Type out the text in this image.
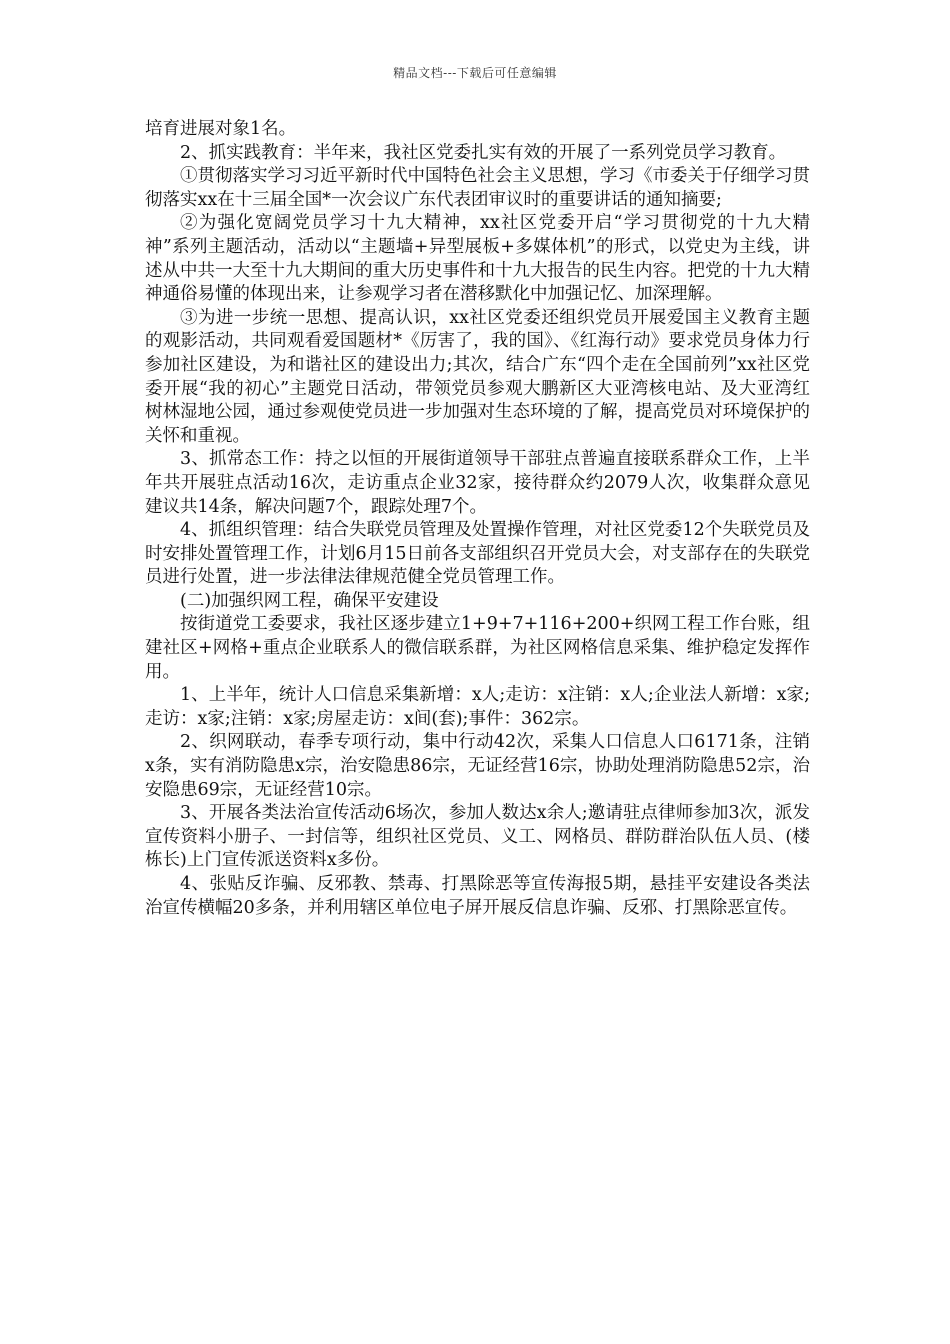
精品文档---下载后可任意编辑

培育进展对象1名。

2、抓实践教育：半年来，我社区党委扎实有效的开展了一系列党员学习教育。

①贯彻落实学习习近平新时代中国特色社会主义思想，学习《市委关于仔细学习贯彻落实xx在十三届全国*一次会议广东代表团审议时的重要讲话的通知摘要;

②为强化宽阔党员学习十九大精神，xx社区党委开启“学习贯彻党的十九大精神”系列主题活动，活动以“主题墙+异型展板+多媒体机”的形式，以党史为主线，讲述从中共一大至十九大期间的重大历史事件和十九大报告的民生内容。把党的十九大精神通俗易懂的体现出来，让参观学习者在潜移默化中加强记忆、加深理解。

③为进一步统一思想、提高认识，xx社区党委还组织党员开展爱国主义教育主题的观影活动，共同观看爱国题材*《厉害了，我的国》、《红海行动》要求党员身体力行参加社区建设，为和谐社区的建设出力;其次，结合广东“四个走在全国前列”xx社区党委开展“我的初心”主题党日活动，带领党员参观大鹏新区大亚湾核电站、及大亚湾红树林湿地公园，通过参观使党员进一步加强对生态环境的了解，提高党员对环境保护的关怀和重视。

3、抓常态工作：持之以恒的开展街道领导干部驻点普遍直接联系群众工作，上半年共开展驻点活动16次，走访重点企业32家，接待群众约2079人次，收集群众意见建议共14条，解决问题7个，跟踪处理7个。

4、抓组织管理：结合失联党员管理及处置操作管理，对社区党委12个失联党员及时安排处置管理工作，计划6月15日前各支部组织召开党员大会，对支部存在的失联党员进行处置，进一步法律法律规范健全党员管理工作。

(二)加强织网工程，确保平安建设

按街道党工委要求，我社区逐步建立1+9+7+116+200+织网工程工作台账，组建社区+网格+重点企业联系人的微信联系群，为社区网格信息采集、维护稳定发挥作用。

1、上半年，统计人口信息采集新增：x人;走访：x注销：x人;企业法人新增：x家;走访：x家;注销：x家;房屋走访：x间(套);事件：362宗。

2、织网联动，春季专项行动，集中行动42次，采集人口信息人口6171条，注销x条，实有消防隐患x宗，治安隐患86宗，无证经营16宗，协助处理消防隐患52宗，治安隐患69宗，无证经营10宗。

3、开展各类法治宣传活动6场次，参加人数达x余人;邀请驻点律师参加3次，派发宣传资料小册子、一封信等，组织社区党员、义工、网格员、群防群治队伍人员、(楼栋长)上门宣传派送资料x多份。

4、张贴反诈骗、反邪教、禁毒、打黑除恶等宣传海报5期，悬挂平安建设各类法治宣传横幅20多条，并利用辖区单位电子屏开展反信息诈骗、反邪、打黑除恶宣传。
